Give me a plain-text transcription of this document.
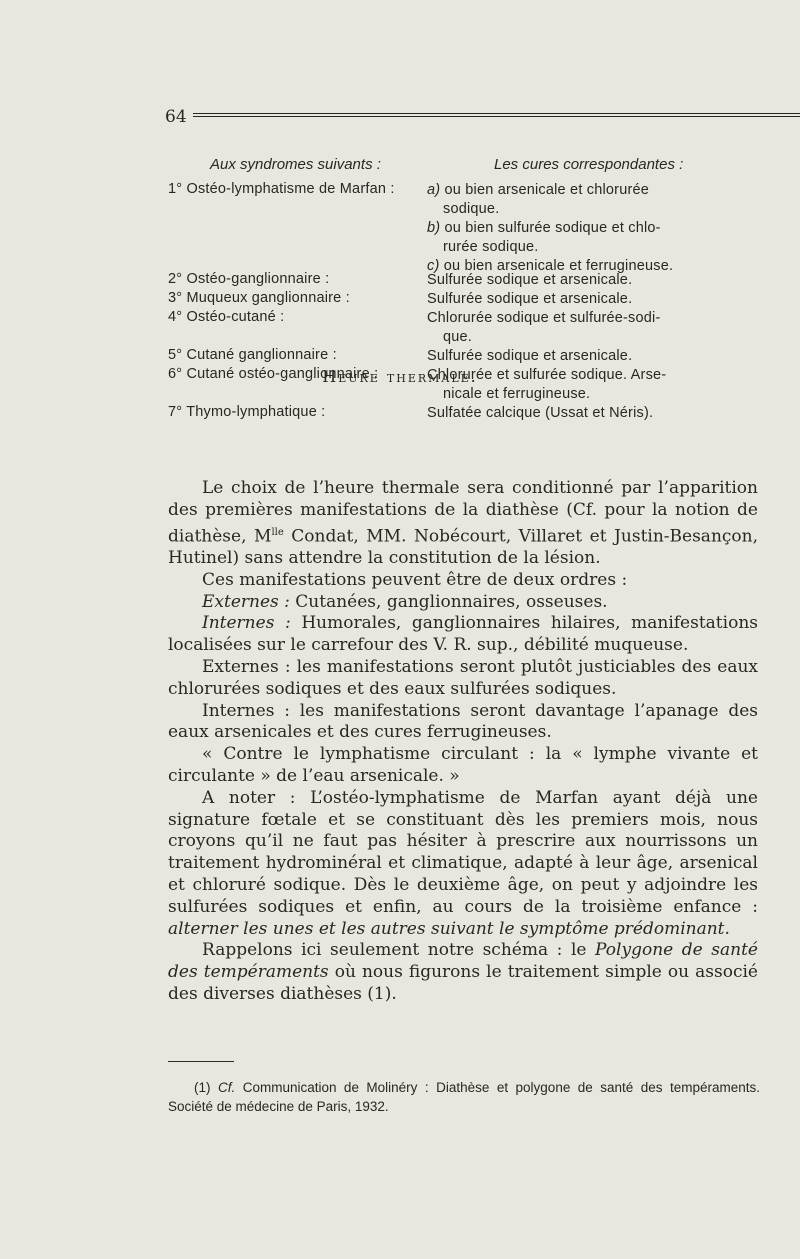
64
Aux syndromes suivants :	Les cures correspondantes :
1° Ostéo-lymphatisme de Marfan :
2° Ostéo-ganglionnaire :
3° Muqueux ganglionnaire :
4° Ostéo-cutané :
5° Cutané ganglionnaire :
6° Cutané ostéo-ganglionnaire :
7° Thymo-lymphatique :
a) ou bien arsenicale et chlorurée
sodique.
b) ou bien sulfurée sodique et chlo-
rurée sodique.
c) ou bien arsenicale et ferrugineuse.
Sulfurée sodique et arsenicale.
Sulfurée sodique et arsenicale.
Chlorurée sodique et sulfurée-sodi-
que.
Sulfurée sodique et arsenicale.
Chlorurée et sulfurée sodique. Arse-
nicale et ferrugineuse.
Sulfatée calcique (Ussat et Néris).
Heure thermale.

Le choix de l’heure thermale sera conditionné par l’apparition des premières manifestations de la diathèse (Cf. pour la notion de diathèse, $M^{lle}$ Condat, MM. Nobécourt, Villaret et Justin-Besançon, Hutinel) sans attendre la constitution de la lésion.

Ces manifestations peuvent être de deux ordres :

Externes : Cutanées, ganglionnaires, osseuses.

Internes : Humorales, ganglionnaires hilaires, manifestations localisées sur le carrefour des V. R. sup., débilité muqueuse.

Externes : les manifestations seront plutôt justiciables des eaux chlorurées sodiques et des eaux sulfurées sodiques.

Internes : les manifestations seront davantage l’apanage des eaux arsenicales et des cures ferrugineuses.

« Contre le lymphatisme circulant : la « lymphe vivante et circulante » de l’eau arsenicale. »

A noter : L’ostéo-lymphatisme de Marfan ayant déjà une signature fœtale et se constituant dès les premiers mois, nous croyons qu’il ne faut pas hésiter à prescrire aux nourrissons un traitement hydrominéral et climatique, adapté à leur âge, arsenical et chloruré sodique. Dès le deuxième âge, on peut y adjoindre les sulfurées sodiques et enfin, au cours de la troisième enfance : alterner les unes et les autres suivant le symptôme prédominant.

Rappelons ici seulement notre schéma : le Polygone de santé des tempéraments où nous figurons le traitement simple ou associé des diverses diathèses (1).

(1) Cf. Communication de Molinéry : Diathèse et polygone de santé des tempéraments. Société de médecine de Paris, 1932.
